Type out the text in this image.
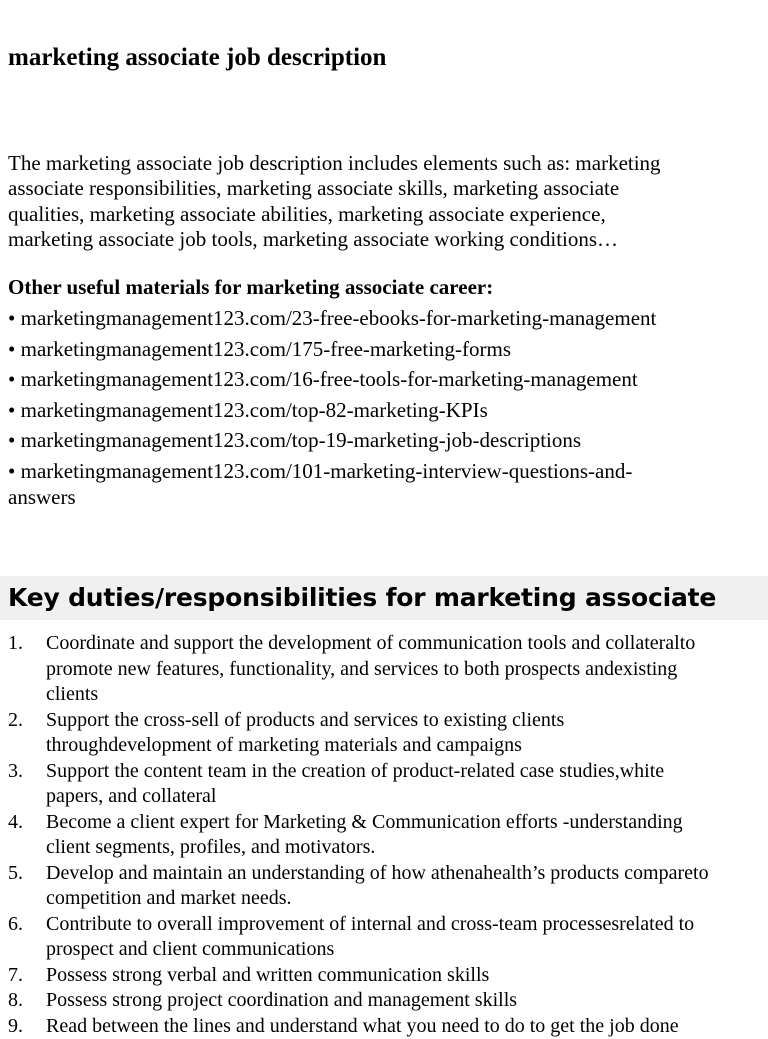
marketing associate job description
The marketing associate job description includes elements such as: marketing
associate responsibilities, marketing associate skills, marketing associate
qualities, marketing associate abilities, marketing associate experience,
marketing associate job tools, marketing associate working conditions…
Other useful materials for marketing associate career:
• marketingmanagement123.com/23-free-ebooks-for-marketing-management
• marketingmanagement123.com/175-free-marketing-forms
• marketingmanagement123.com/16-free-tools-for-marketing-management
• marketingmanagement123.com/top-82-marketing-KPIs
• marketingmanagement123.com/top-19-marketing-job-descriptions
• marketingmanagement123.com/101-marketing-interview-questions-and-
answers
Key duties/responsibilities for marketing associate
1.	Coordinate and support the development of communication tools and collateralto
promote new features, functionality, and services to both prospects andexisting
clients
2.	Support the cross-sell of products and services to existing clients
throughdevelopment of marketing materials and campaigns
3.	Support the content team in the creation of product-related case studies,white
papers, and collateral
4.	Become a client expert for Marketing & Communication efforts -understanding
client segments, profiles, and motivators.
5.	Develop and maintain an understanding of how athenahealth’s products compareto
competition and market needs.
6.	Contribute to overall improvement of internal and cross-team processesrelated to
prospect and client communications
7.	Possess strong verbal and written communication skills
8.	Possess strong project coordination and management skills
9.	Read between the lines and understand what you need to do to get the job done
